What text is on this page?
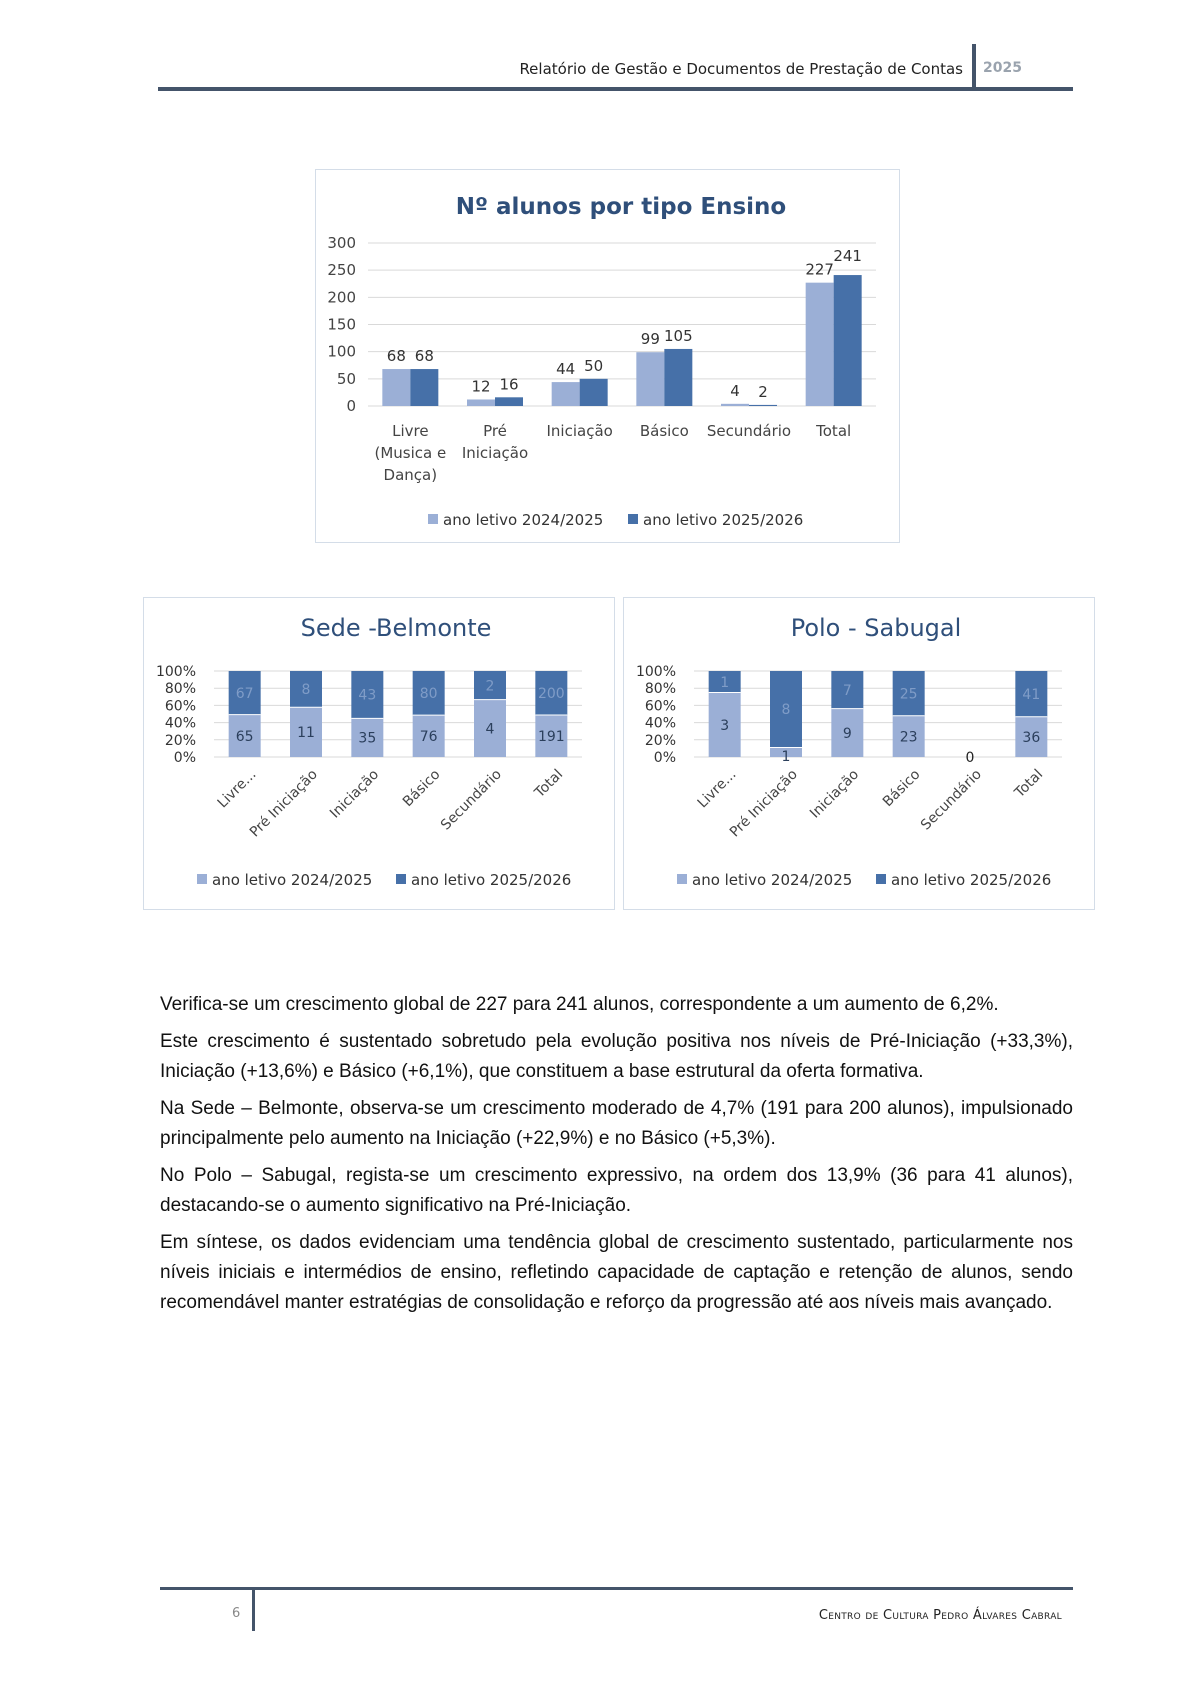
Relatório de Gestão e Documentos de Prestação de Contas 2025
Nº alunos por tipo Ensino
300
250
200
150
100
50
0
68 68
Livre
(Musica e
Dança)
12 16
Pré
Iniciação
44 50
Iniciação
99 105
Básico
4 2
Secundário
227
241
Total
ano letivo 2024/2025	ano letivo 2025/2026
Sede -Belmonte
100%
80%
60%
40%
20%
0%
65
67
Livre...
11
8
Pré Iniciação
35
43
Iniciação
76
80
Básico
4
2
Secundário
191
200
Total
ano letivo 2024/2025	ano letivo 2025/2026
Polo - Sabugal
100%
80%
60%
40%
20%
0%
3
1
Livre...
1
8
Pré Iniciação
9
7
Iniciação
23
25
Básico
0
Secundário
36
41
Total
ano letivo 2024/2025	ano letivo 2025/2026

Verifica-se um crescimento global de 227 para 241 alunos, correspondente a um aumento de 6,2%.

Este crescimento é sustentado sobretudo pela evolução positiva nos níveis de Pré-Iniciação (+33,3%), Iniciação (+13,6%) e Básico (+6,1%), que constituem a base estrutural da oferta formativa.

Na Sede – Belmonte, observa-se um crescimento moderado de 4,7% (191 para 200 alunos), impulsionado principalmente pelo aumento na Iniciação (+22,9%) e no Básico (+5,3%).

No Polo – Sabugal, regista-se um crescimento expressivo, na ordem dos 13,9% (36 para 41 alunos), destacando-se o aumento significativo na Pré-Iniciação.

Em síntese, os dados evidenciam uma tendência global de crescimento sustentado, particularmente nos níveis iniciais e intermédios de ensino, refletindo capacidade de captação e retenção de alunos, sendo recomendável manter estratégias de consolidação e reforço da progressão até aos níveis mais avançado.

6	Centro de Cultura Pedro Álvares Cabral
